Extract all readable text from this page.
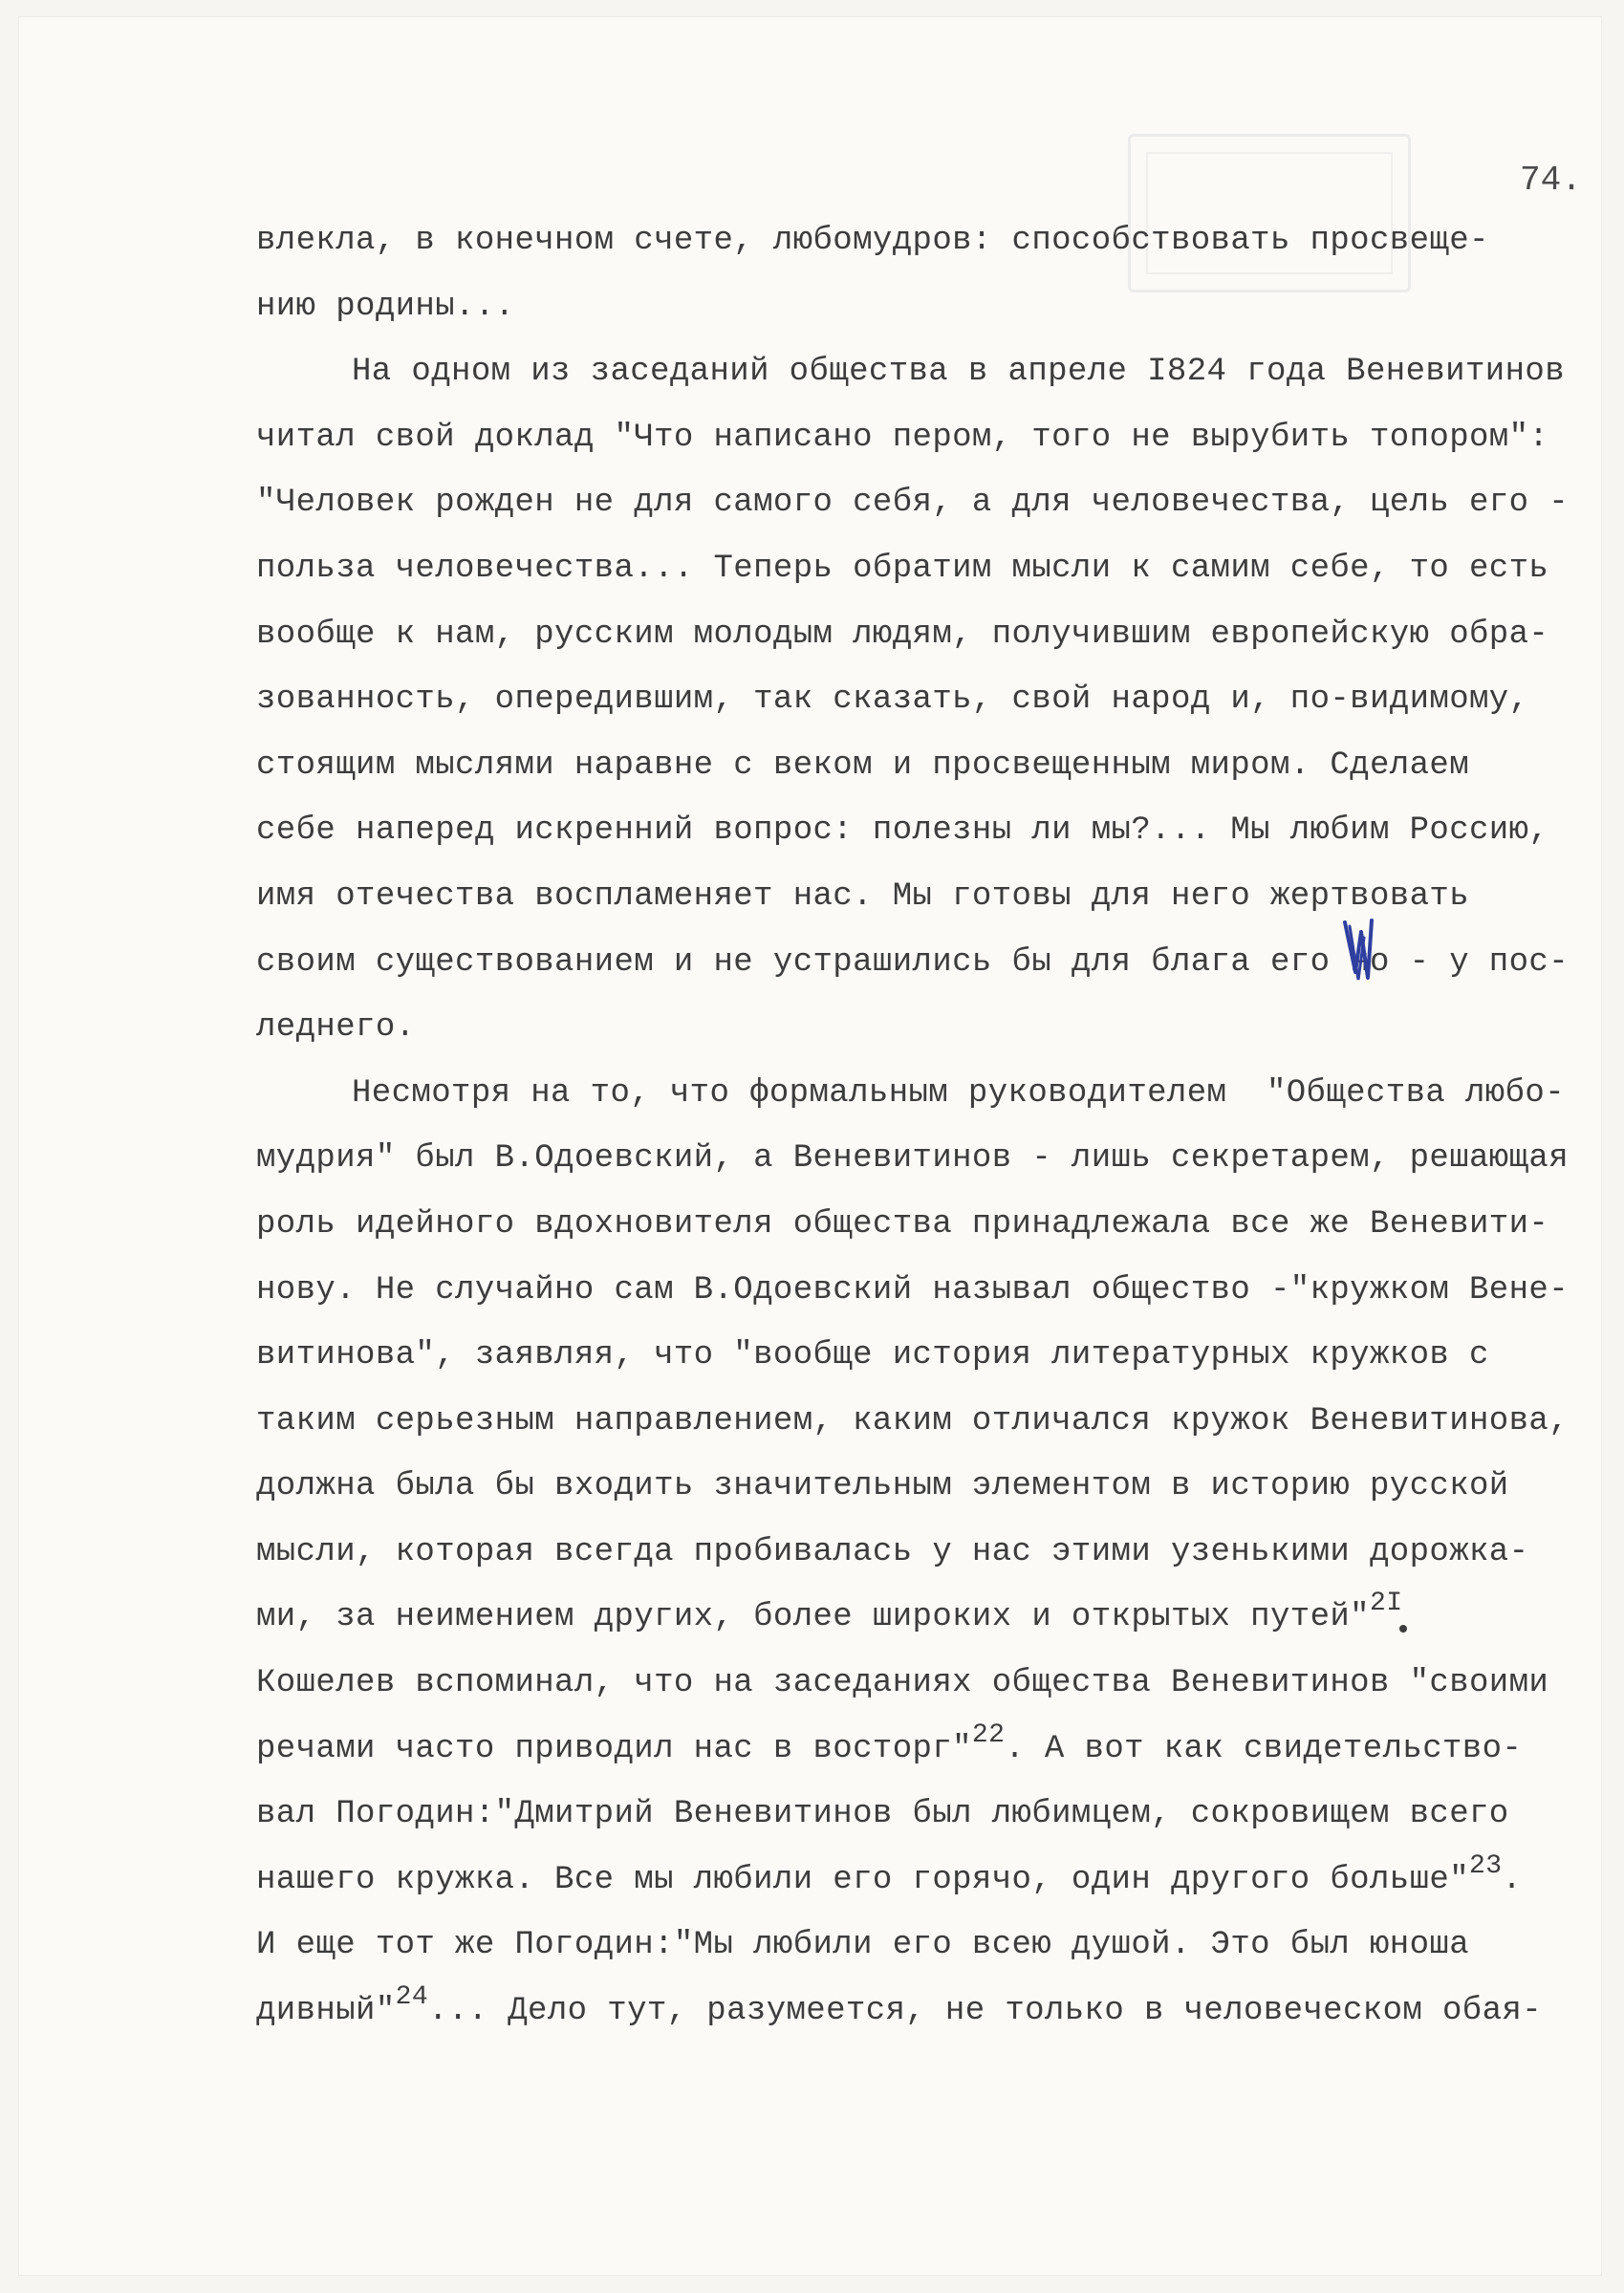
74.
влекла, в конечном счете, любомудров: способствовать просвеще-
нию родины...
На одном из заседаний общества в апреле I824 года Веневитинов
читал свой доклад "Что написано пером, того не вырубить топором":
"Человек рожден не для самого себя, а для человечества, цель его -
польза человечества... Теперь обратим мысли к самим себе, то есть
вообще к нам, русским молодым людям, получившим европейскую обра-
зованность, опередившим, так сказать, свой народ и, по-видимому,
стоящим мыслями наравне с веком и просвещенным миром. Сделаем
себе наперед искренний вопрос: полезны ли мы?... Мы любим Россию,
имя отечества воспламеняет нас. Мы готовы для него жертвовать
своим существованием и не устрашились бы для блага его но - у пос-
леднего.
Несмотря на то, что формальным руководителем  "Общества любо-
мудрия" был В.Одоевский, а Веневитинов - лишь секретарем, решающая
роль идейного вдохновителя общества принадлежала все же Веневити-
нову. Не случайно сам В.Одоевский называл общество -"кружком Вене-
витинова", заявляя, что "вообще история литературных кружков с
таким серьезным направлением, каким отличался кружок Веневитинова,
должна была бы входить значительным элементом в историю русской
мысли, которая всегда пробивалась у нас этими узенькими дорожка-
ми, за неимением других, более широких и открытых путей"$^{2I}$
Кошелев вспоминал, что на заседаниях общества Веневитинов "своими
речами часто приводил нас в восторг"$^{22}$. А вот как свидетельство-
вал Погодин:"Дмитрий Веневитинов был любимцем, сокровищем всего
нашего кружка. Все мы любили его горячо, один другого больше"$^{23}$.
И еще тот же Погодин:"Мы любили его всею душой. Это был юноша
дивный"$^{24}$... Дело тут, разумеется, не только в человеческом обая-
